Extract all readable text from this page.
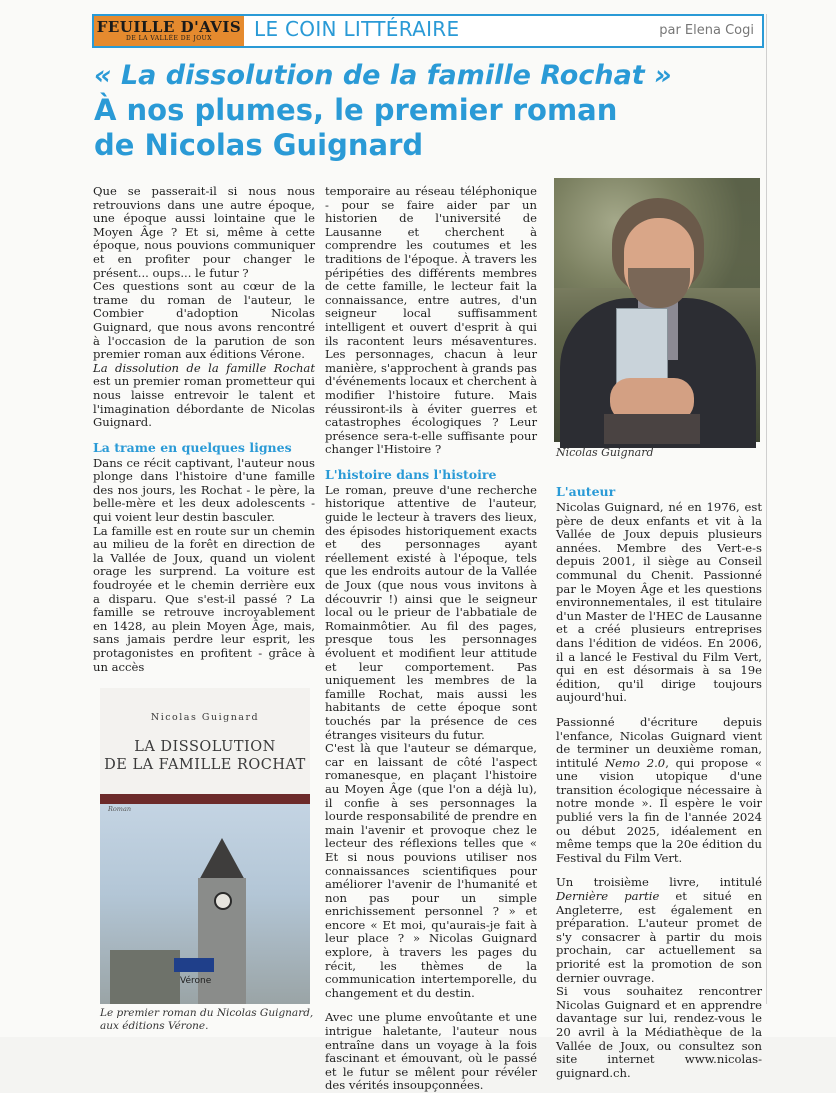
FEUILLE D'AVIS
DE LA VALLÉE DE JOUX LE COIN LITTÉRAIRE	par Elena Cogi
« La dissolution de la famille Rochat »
À nos plumes, le premier roman
de Nicolas Guignard

Que se passerait-il si nous nous retrouvions dans une autre époque, une époque aussi lointaine que le Moyen Âge ? Et si, même à cette époque, nous pouvions communiquer et en profiter pour changer le présent... oups... le futur ?

Ces questions sont au cœur de la trame du roman de l'auteur, le Combier d'adoption Nicolas Guignard, que nous avons rencontré à l'occasion de la parution de son premier roman aux éditions Vérone.

La dissolution de la famille Rochat est un premier roman prometteur qui nous laisse entrevoir le talent et l'imagination débordante de Nicolas Guignard.

La trame en quelques lignes

Dans ce récit captivant, l'auteur nous plonge dans l'histoire d'une famille des nos jours, les Rochat - le père, la belle-mère et les deux adolescents - qui voient leur destin basculer.

La famille est en route sur un chemin au milieu de la forêt en direction de la Vallée de Joux, quand un violent orage les surprend. La voiture est foudroyée et le chemin derrière eux a disparu. Que s'est-il passé ? La famille se retrouve incroyablement en 1428, au plein Moyen Âge, mais, sans jamais perdre leur esprit, les protagonistes en profitent - grâce à un accès

Nicolas Guignard
LA DISSOLUTION
DE LA FAMILLE ROCHAT
Roman
Vérone
Le premier roman du Nicolas Guignard, aux éditions Vérone.

temporaire au réseau téléphonique - pour se faire aider par un historien de l'université de Lausanne et cherchent à comprendre les coutumes et les traditions de l'époque. À travers les péripéties des différents membres de cette famille, le lecteur fait la connaissance, entre autres, d'un seigneur local suffisamment intelligent et ouvert d'esprit à qui ils racontent leurs mésaventures. Les personnages, chacun à leur manière, s'approchent à grands pas d'événements locaux et cherchent à modifier l'histoire future. Mais réussiront-ils à éviter guerres et catastrophes écologiques ? Leur présence sera-t-elle suffisante pour changer l'Histoire ?

L'histoire dans l'histoire

Le roman, preuve d'une recherche historique attentive de l'auteur, guide le lecteur à travers des lieux, des épisodes historiquement exacts et des personnages ayant réellement existé à l'époque, tels que les endroits autour de la Vallée de Joux (que nous vous invitons à découvrir !) ainsi que le seigneur local ou le prieur de l'abbatiale de Romainmôtier. Au fil des pages, presque tous les personnages évoluent et modifient leur attitude et leur comportement. Pas uniquement les membres de la famille Rochat, mais aussi les habitants de cette époque sont touchés par la présence de ces étranges visiteurs du futur.

C'est là que l'auteur se démarque, car en laissant de côté l'aspect romanesque, en plaçant l'histoire au Moyen Âge (que l'on a déjà lu), il confie à ses personnages la lourde responsabilité de prendre en main l'avenir et provoque chez le lecteur des réflexions telles que « Et si nous pouvions utiliser nos connaissances scientifiques pour améliorer l'avenir de l'humanité et non pas pour un simple enrichissement personnel ? » et encore « Et moi, qu'aurais-je fait à leur place ? » Nicolas Guignard explore, à travers les pages du récit, les thèmes de la communication intertemporelle, du changement et du destin.

Avec une plume envoûtante et une intrigue haletante, l'auteur nous entraîne dans un voyage à la fois fascinant et émouvant, où le passé et le futur se mêlent pour révéler des vérités insoupçonnées.

Nicolas Guignard
L'auteur

Nicolas Guignard, né en 1976, est père de deux enfants et vit à la Vallée de Joux depuis plusieurs années. Membre des Vert-e-s depuis 2001, il siège au Conseil communal du Chenit. Passionné par le Moyen Âge et les questions environnementales, il est titulaire d'un Master de l'HEC de Lausanne et a créé plusieurs entreprises dans l'édition de vidéos. En 2006, il a lancé le Festival du Film Vert, qui en est désormais à sa 19e édition, qu'il dirige toujours aujourd'hui.

Passionné d'écriture depuis l'enfance, Nicolas Guignard vient de terminer un deuxième roman, intitulé Nemo 2.0, qui propose « une vision utopique d'une transition écologique nécessaire à notre monde ». Il espère le voir publié vers la fin de l'année 2024 ou début 2025, idéalement en même temps que la 20e édition du Festival du Film Vert.

Un troisième livre, intitulé Dernière partie et situé en Angleterre, est également en préparation. L'auteur promet de s'y consacrer à partir du mois prochain, car actuellement sa priorité est la promotion de son dernier ouvrage.

Si vous souhaitez rencontrer Nicolas Guignard et en apprendre davantage sur lui, rendez-vous le 20 avril à la Médiathèque de la Vallée de Joux, ou consultez son site internet www.nicolas-guignard.ch.
